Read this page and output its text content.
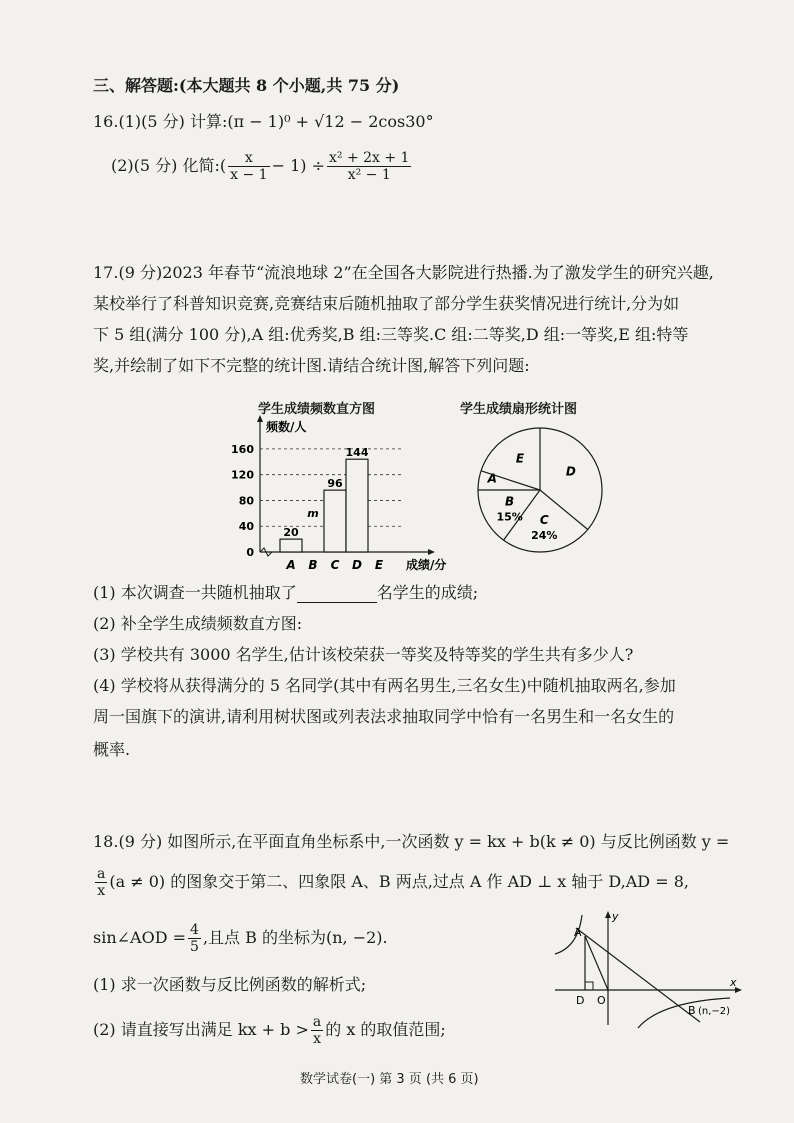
三、解答题:(本大题共 8 个小题,共 75 分)
16.(1)(5 分) 计算:(π − 1)⁰ + √12 − 2cos30°
(2)(5 分) 化简:( $\frac{x}{x - 1} - 1) \div \frac{\text{x² + 2x + 1}}{\text{x² − 1}}$
17.(9 分)2023 年春节“流浪地球 2”在全国各大影院进行热播.为了激发学生的研究兴趣,
某校举行了科普知识竞赛,竞赛结束后随机抽取了部分学生获奖情况进行统计,分为如
下 5 组(满分 100 分),A 组:优秀奖,B 组:三等奖.C 组:二等奖,D 组:一等奖,E 组:特等
奖,并绘制了如下不完整的统计图.请结合统计图,解答下列问题:
学生成绩频数直方图
频数/人
成绩/分
0
40
80
120
160
A
20
B
m
C
96
D
144
E
学生成绩扇形统计图
D
C
24%
B
15%
A
E
(1) 本次调查一共随机抽取了	名学生的成绩;
(2) 补全学生成绩频数直方图:
(3) 学校共有 3000 名学生,估计该校荣获一等奖及特等奖的学生共有多少人?
(4) 学校将从获得满分的 5 名同学(其中有两名男生,三名女生)中随机抽取两名,参加
周一国旗下的演讲,请利用树状图或列表法求抽取同学中恰有一名男生和一名女生的
概率.
18.(9 分) 如图所示,在平面直角坐标系中,一次函数 y = kx + b(k ≠ 0) 与反比例函数 y =
$\frac{a}{x} (a \ne 0)$ 的图象交于第二、四象限 A、B 两点,过点 A 作 AD ⊥ x 轴于 D,AD = 8,
sin∠AOD = $\frac{4}{5}$ ,且点 B 的坐标为(n, −2).
(1) 求一次函数与反比例函数的解析式;
(2) 请直接写出满足 kx + $b > \frac{a}{x}$ 的 x 的取值范围;
A
D O
x
y
B (n,−2)
数学试卷(一) 第 3 页 (共 6 页)
